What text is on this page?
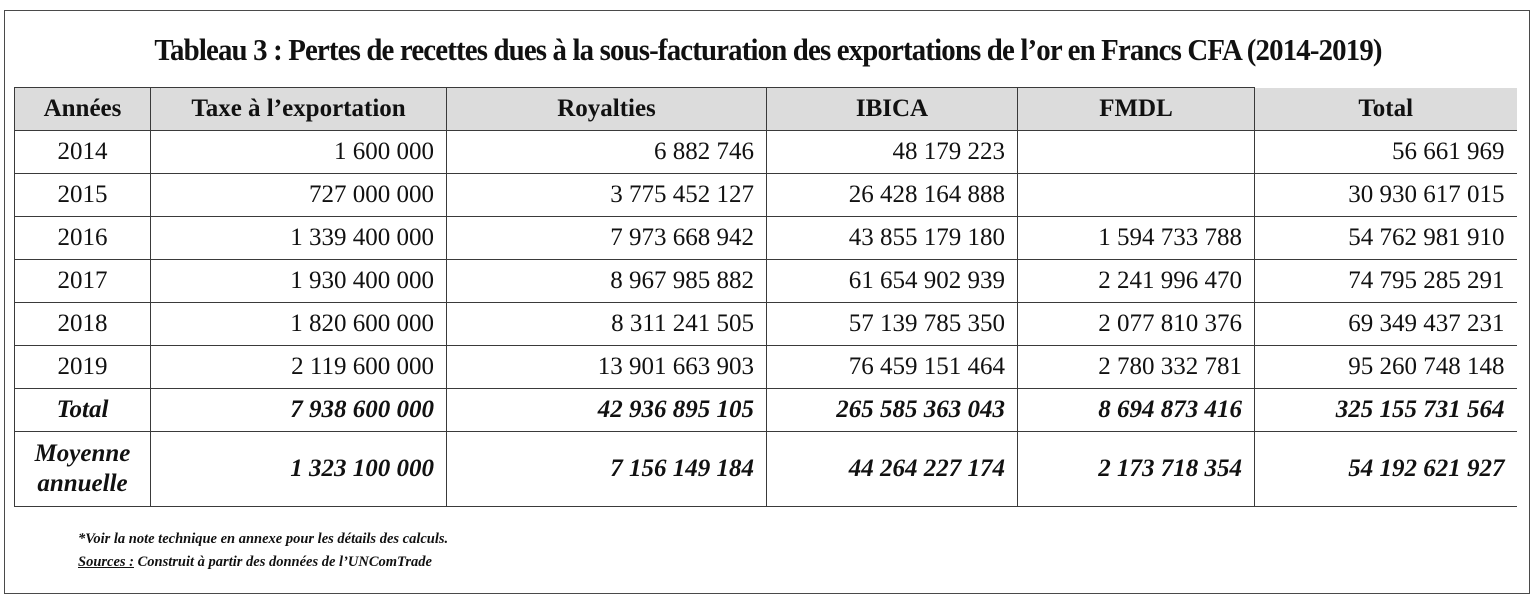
Tableau 3 : Pertes de recettes dues à la sous-facturation des exportations de l’or en Francs CFA (2014-2019)
Années	Taxe à l’exportation	Royalties	IBICA	FMDL	Total
2014	1 600 000	6 882 746	48 179 223		56 661 969
2015	727 000 000	3 775 452 127	26 428 164 888		30 930 617 015
2016	1 339 400 000	7 973 668 942	43 855 179 180	1 594 733 788	54 762 981 910
2017	1 930 400 000	8 967 985 882	61 654 902 939	2 241 996 470	74 795 285 291
2018	1 820 600 000	8 311 241 505	57 139 785 350	2 077 810 376	69 349 437 231
2019	2 119 600 000	13 901 663 903	76 459 151 464	2 780 332 781	95 260 748 148
Total	7 938 600 000	42 936 895 105	265 585 363 043	8 694 873 416	325 155 731 564
Moyenne annuelle	1 323 100 000	7 156 149 184	44 264 227 174	2 173 718 354	54 192 621 927
*Voir la note technique en annexe pour les détails des calculs.
Sources : Construit à partir des données de l’UNComTrade
